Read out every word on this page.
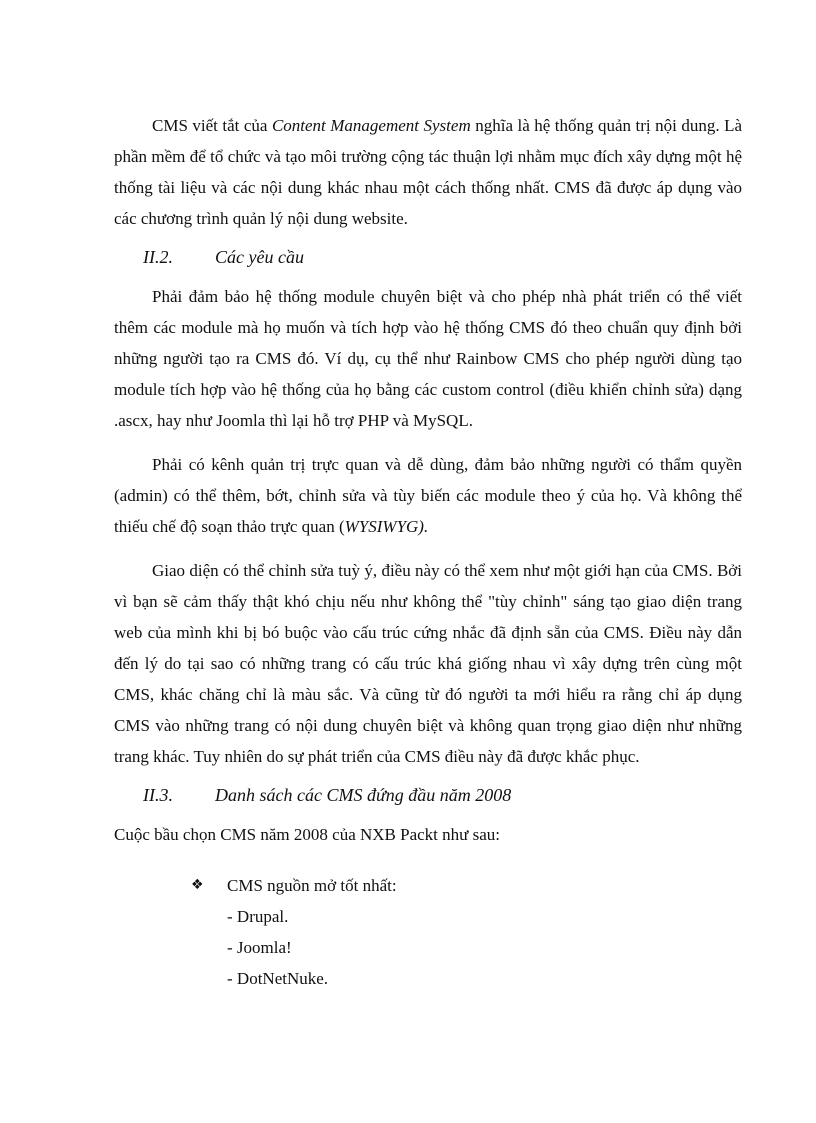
CMS viết tắt của Content Management System nghĩa là hệ thống quản trị nội dung. Là phần mềm để tổ chức và tạo môi trường cộng tác thuận lợi nhằm mục đích xây dựng một hệ thống tài liệu và các nội dung khác nhau một cách thống nhất. CMS đã được áp dụng vào các chương trình quản lý nội dung website.

II.2. Các yêu cầu

Phải đảm bảo hệ thống module chuyên biệt và cho phép nhà phát triển có thể viết thêm các module mà họ muốn và tích hợp vào hệ thống CMS đó theo chuẩn quy định bởi những người tạo ra CMS đó. Ví dụ, cụ thể như Rainbow CMS cho phép người dùng tạo module tích hợp vào hệ thống của họ bằng các custom control (điều khiển chỉnh sửa) dạng .ascx, hay như Joomla thì lại hỗ trợ PHP và MySQL.

Phải có kênh quản trị trực quan và dễ dùng, đảm bảo những người có thẩm quyền (admin) có thể thêm, bớt, chỉnh sửa và tùy biến các module theo ý của họ. Và không thể thiếu chế độ soạn thảo trực quan (WYSIWYG).

Giao diện có thể chỉnh sửa tuỳ ý, điều này có thể xem như một giới hạn của CMS. Bởi vì bạn sẽ cảm thấy thật khó chịu nếu như không thể "tùy chỉnh" sáng tạo giao diện trang web của mình khi bị bó buộc vào cấu trúc cứng nhắc đã định sẵn của CMS. Điều này dẫn đến lý do tại sao có những trang có cấu trúc khá giống nhau vì xây dựng trên cùng một CMS, khác chăng chỉ là màu sắc. Và cũng từ đó người ta mới hiểu ra rằng chỉ áp dụng CMS vào những trang có nội dung chuyên biệt và không quan trọng giao diện như những trang khác. Tuy nhiên do sự phát triển của CMS điều này đã được khắc phục.

II.3. Danh sách các CMS đứng đầu năm 2008

Cuộc bầu chọn CMS năm 2008 của NXB Packt như sau:

❖ CMS nguồn mở tốt nhất:
- Drupal.
- Joomla!
- DotNetNuke.
